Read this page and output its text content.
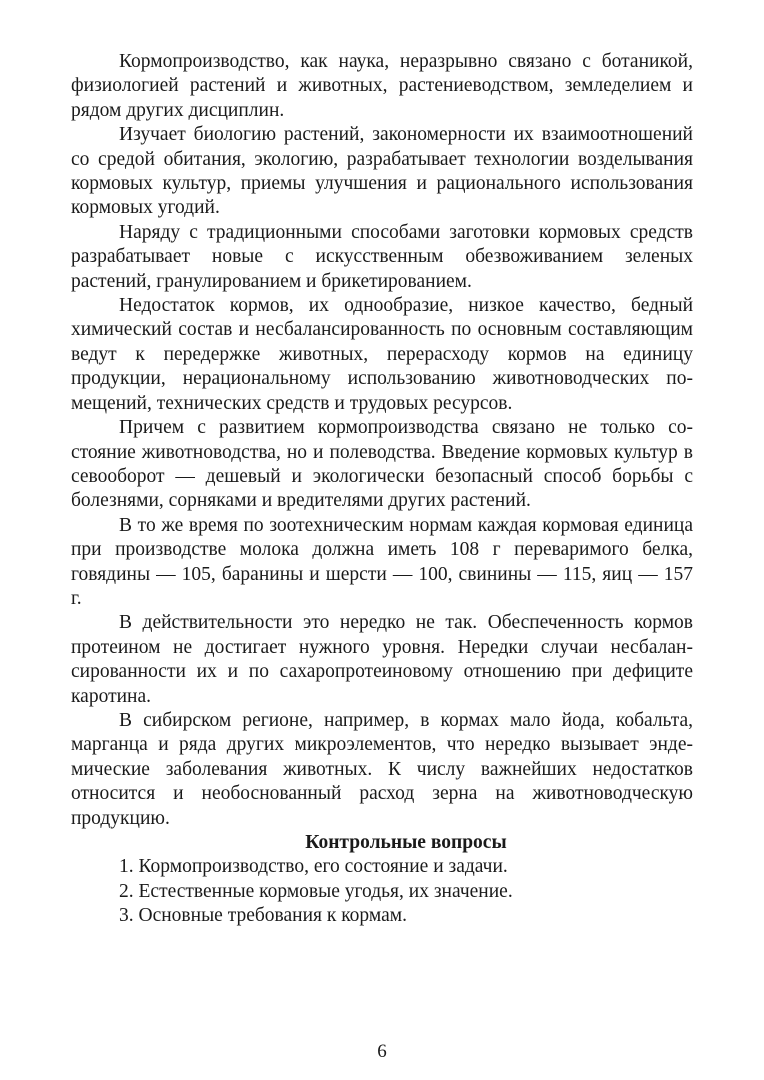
Кормопроизводство, как наука, неразрывно связано с ботаникой, физиологией растений и животных, растениеводством, земледелием и рядом других дисциплин.

Изучает биологию растений, закономерности их взаимоотношений со средой обитания, экологию, разрабатывает технологии возделывания кормовых культур, приемы улучшения и рационального использования кормовых угодий.

Наряду с традиционными способами заготовки кормовых средств разрабатывает новые с искусственным обезвоживанием зеленых растений, гранулированием и брикетированием.

Недостаток кормов, их однообразие, низкое качество, бедный химический состав и несбалансированность по основным составляющим ведут к передержке животных, перерасходу кормов на единицу продукции, нерациональному использованию животноводческих помещений, технических средств и трудовых ресурсов.

Причем с развитием кормопроизводства связано не только состояние животноводства, но и полеводства. Введение кормовых культур в севооборот — дешевый и экологически безопасный способ борьбы с болезнями, сорняками и вредителями других растений.

В то же время по зоотехническим нормам каждая кормовая единица при производстве молока должна иметь 108 г переваримого белка, говядины — 105, баранины и шерсти — 100, свинины — 115, яиц — 157 г.

В действительности это нередко не так. Обеспеченность кормов протеином не достигает нужного уровня. Нередки случаи несбалансированности их и по сахаропротеиновому отношению при дефиците каротина.

В сибирском регионе, например, в кормах мало йода, кобальта, марганца и ряда других микроэлементов, что нередко вызывает эндемические заболевания животных. К числу важнейших недостатков относится и необоснованный расход зерна на животноводческую продукцию.

Контрольные вопросы
1. Кормопроизводство, его состояние и задачи.
2. Естественные кормовые угодья, их значение.
3. Основные требования к кормам.
6
